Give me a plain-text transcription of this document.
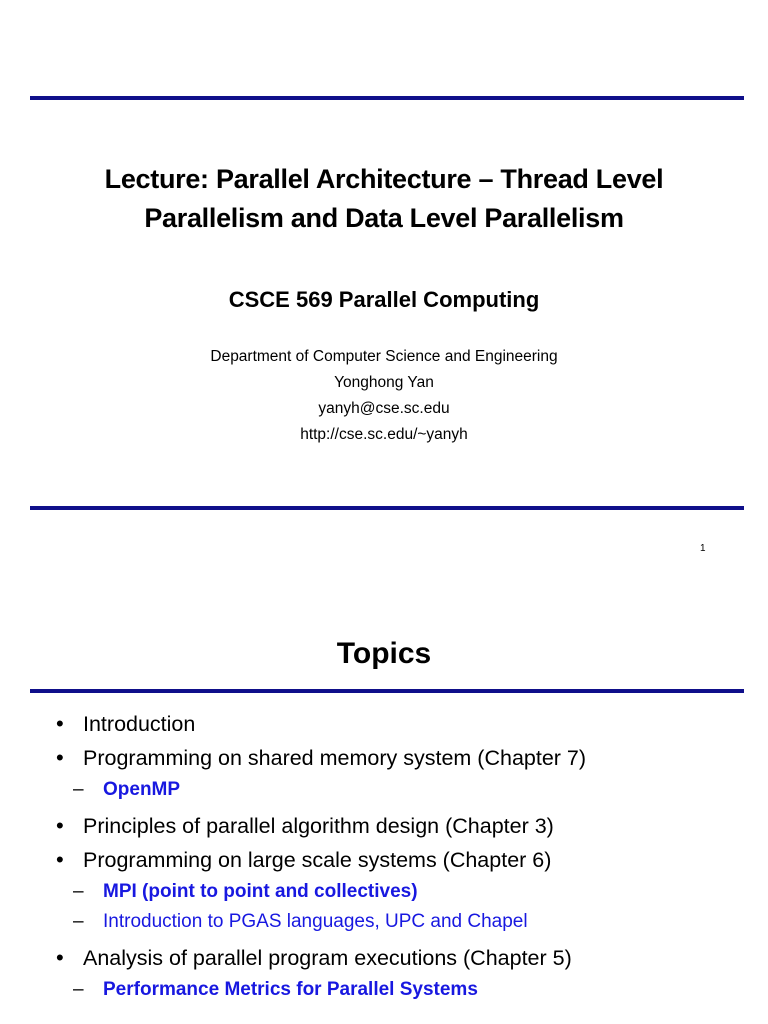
Lecture: Parallel Architecture – Thread Level
Parallelism and Data Level Parallelism
CSCE 569 Parallel Computing
Department of Computer Science and Engineering
Yonghong Yan
yanyh@cse.sc.edu
http://cse.sc.edu/~yanyh
1
Topics
• Introduction
• Programming on shared memory system (Chapter 7)
– OpenMP
• Principles of parallel algorithm design (Chapter 3)
• Programming on large scale systems (Chapter 6)
– MPI (point to point and collectives)
– Introduction to PGAS languages, UPC and Chapel
• Analysis of parallel program executions (Chapter 5)
– Performance Metrics for Parallel Systems
